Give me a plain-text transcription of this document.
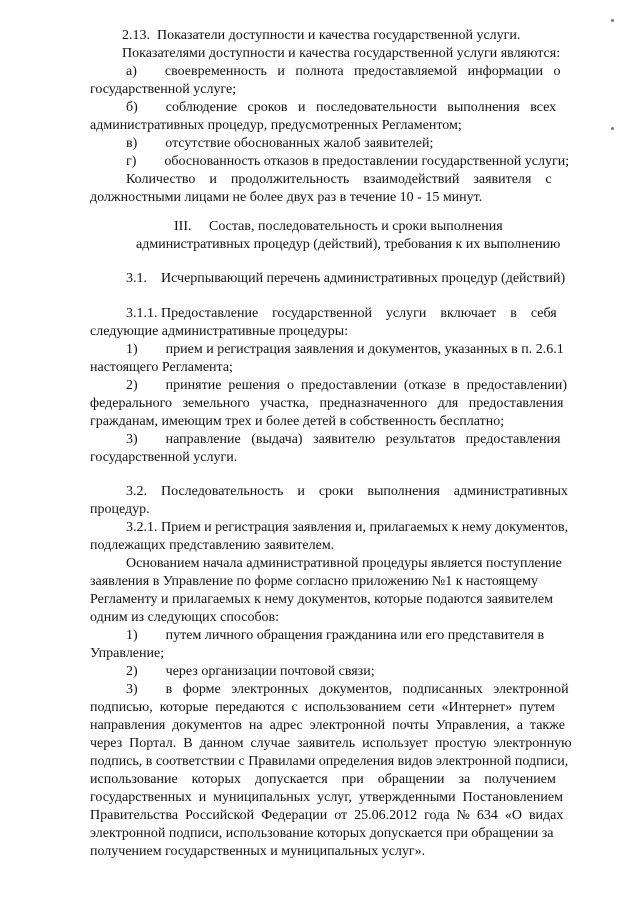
2.13.  Показатели доступности и качества государственной услуги.
Показателями доступности и качества государственной услуги являются:
а)        своевременность   и   полнота   предоставляемой   информации   о
государственной услуге;
б)        соблюдение   сроков   и   последовательности   выполнения   всех
административных процедур, предусмотренных Регламентом;
в)        отсутствие обоснованных жалоб заявителей;
г)        обоснованность отказов в предоставлении государственной услуги;
Количество    и    продолжительность    взаимодействий    заявителя    с
должностными лицами не более двух раз в течение 10 - 15 минут.
III.     Состав, последовательность и сроки выполнения
административных процедур (действий), требования к их выполнению
3.1.    Исчерпывающий перечень административных процедур (действий)
3.1.1. Предоставление    государственной    услуги    включает    в    себя
следующие административные процедуры:
1)        прием и регистрация заявления и документов, указанных в п. 2.6.1
настоящего Регламента;
2)        принятие  решения  о  предоставлении  (отказе  в  предоставлении)
федерального   земельного   участка,   предназначенного   для   предоставления
гражданам, имеющим трех и более детей в собственность бесплатно;
3)        направление   (выдача)   заявителю   результатов   предоставления
государственной услуги.
3.2.    Последовательность    и    сроки    выполнения    административных
процедур.
3.2.1. Прием и регистрация заявления и, прилагаемых к нему документов,
подлежащих представлению заявителем.
Основанием начала административной процедуры является поступление
заявления в Управление по форме согласно приложению №1 к настоящему
Регламенту и прилагаемых к нему документов, которые подаются заявителем
одним из следующих способов:
1)        путем личного обращения гражданина или его представителя в
Управление;
2)        через организации почтовой связи;
3)        в   форме   электронных   документов,   подписанных   электронной
подписью,  которые  передаются  с  использованием  сети  «Интернет»  путем
направления  документов  на  адрес  электронной  почты  Управления,  а  также
через  Портал.  В  данном  случае  заявитель  использует  простую  электронную
подпись, в соответствии с Правилами определения видов электронной подписи,
использование    которых    допускается    при    обращении    за    получением
государственных  и  муниципальных  услуг,  утвержденными  Постановлением
Правительства  Российской  Федерации  от  25.06.2012  года  №  634  «О  видах
электронной подписи, использование которых допускается при обращении за
получением государственных и муниципальных услуг».
